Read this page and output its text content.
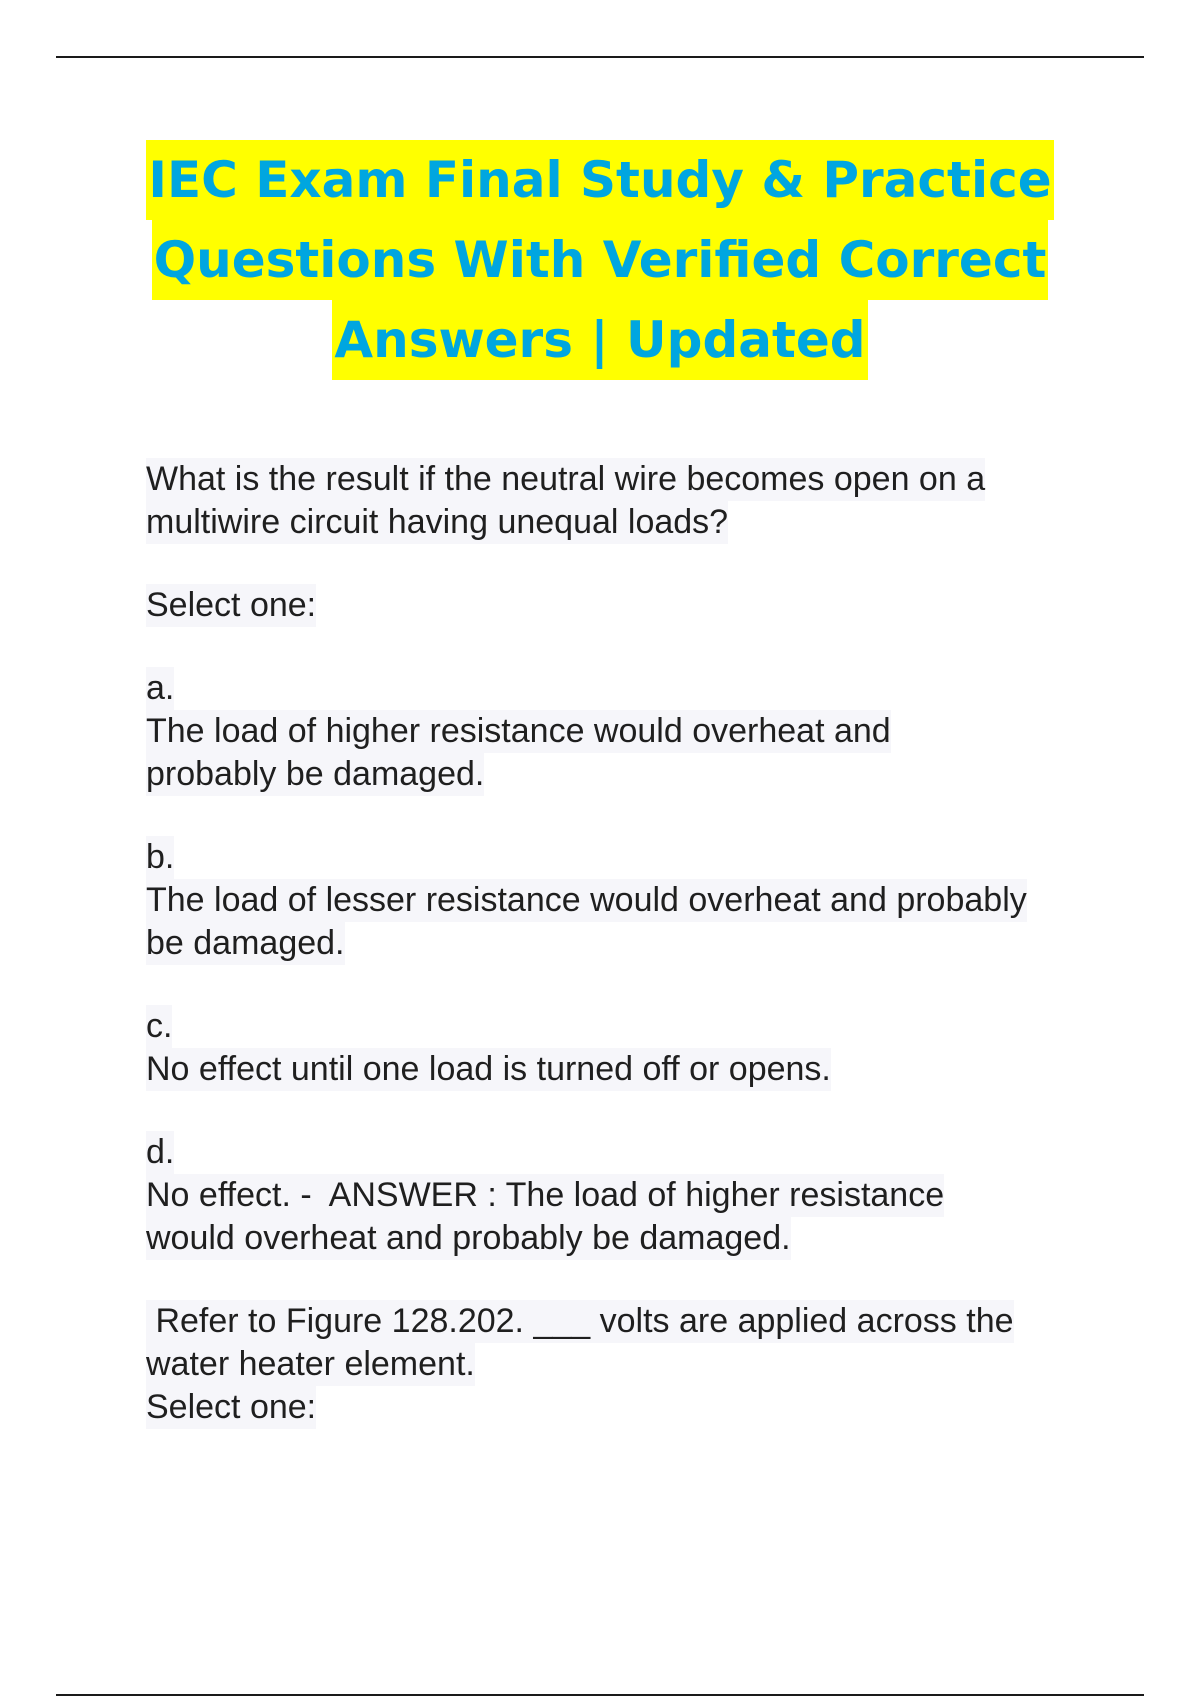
IEC Exam Final Study & Practice
Questions With Verified Correct
Answers | Updated
What is the result if the neutral wire becomes open on a
multiwire circuit having unequal loads?
Select one:
a.
The load of higher resistance would overheat and
probably be damaged.
b.
The load of lesser resistance would overheat and probably
be damaged.
c.
No effect until one load is turned off or opens.
d.
No effect. -  ANSWER : The load of higher resistance
would overheat and probably be damaged.
Refer to Figure 128.202. ___ volts are applied across the
water heater element.
Select one:
